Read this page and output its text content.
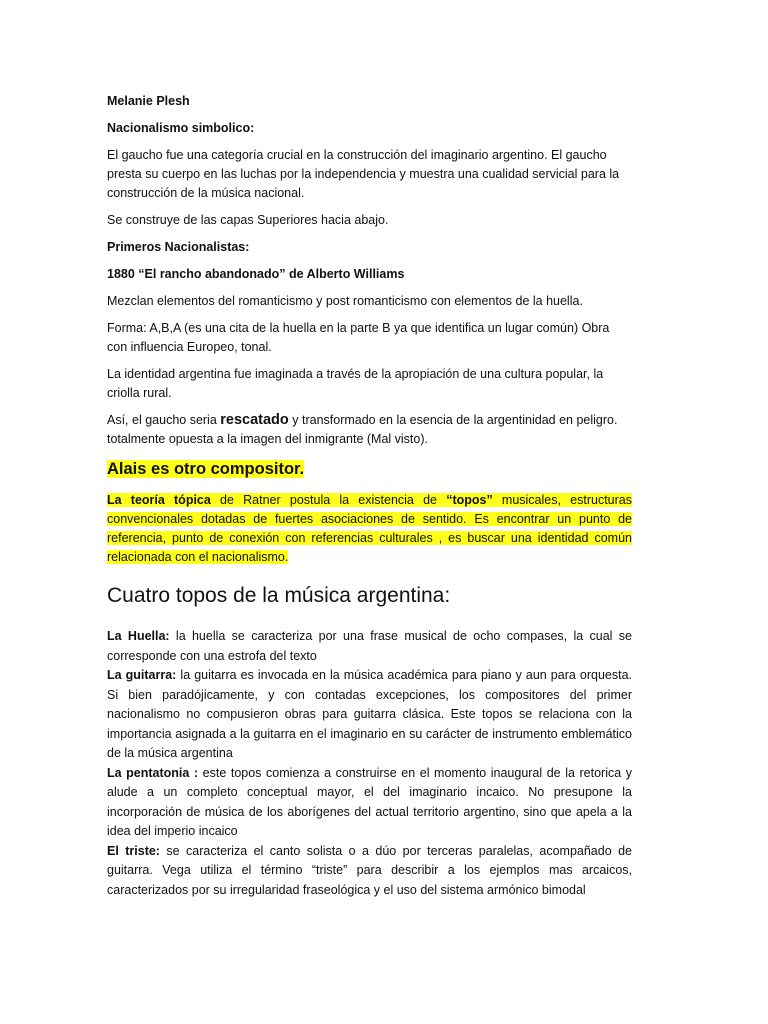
Melanie Plesh

Nacionalismo simbolico:

El gaucho fue una categoría crucial en la construcción del imaginario argentino. El gaucho presta su cuerpo en las luchas por la independencia y muestra una cualidad servicial para la construcción de la música nacional.

Se construye de las capas Superiores hacia abajo.

Primeros Nacionalistas:

1880 “El rancho abandonado” de Alberto Williams

Mezclan elementos del romanticismo y post romanticismo con elementos de la huella.

Forma: A,B,A (es una cita de la huella en la parte B ya que identifica un lugar común) Obra con influencia Europeo, tonal.

La identidad argentina fue imaginada a través de la apropiación de una cultura popular, la criolla rural.

Así, el gaucho seria rescatado y transformado en la esencia de la argentinidad en peligro. totalmente opuesta a la imagen del inmigrante (Mal visto).

Alais es otro compositor.

La teoría tópica de Ratner postula la existencia de “topos” musicales, estructuras convencionales dotadas de fuertes asociaciones de sentido. Es encontrar un punto de referencia, punto de conexión con referencias culturales , es buscar una identidad común relacionada con el nacionalismo.

Cuatro topos de la música argentina:

La Huella: la huella se caracteriza por una frase musical de ocho compases, la cual se corresponde con una estrofa del texto

La guitarra: la guitarra es invocada en la música académica para piano y aun para orquesta. Si bien paradójicamente, y con contadas excepciones, los compositores del primer nacionalismo no compusieron obras para guitarra clásica. Este topos se relaciona con la importancia asignada a la guitarra en el imaginario en su carácter de instrumento emblemático de la música argentina

La pentatonia : este topos comienza a construirse en el momento inaugural de la retorica y alude a un completo conceptual mayor, el del imaginario incaico. No presupone la incorporación de música de los aborígenes del actual territorio argentino, sino que apela a la idea del imperio incaico

El triste: se caracteriza el canto solista o a dúo por terceras paralelas, acompañado de guitarra. Vega utiliza el término “triste” para describir a los ejemplos mas arcaicos, caracterizados por su irregularidad fraseológica y el uso del sistema armónico bimodal
